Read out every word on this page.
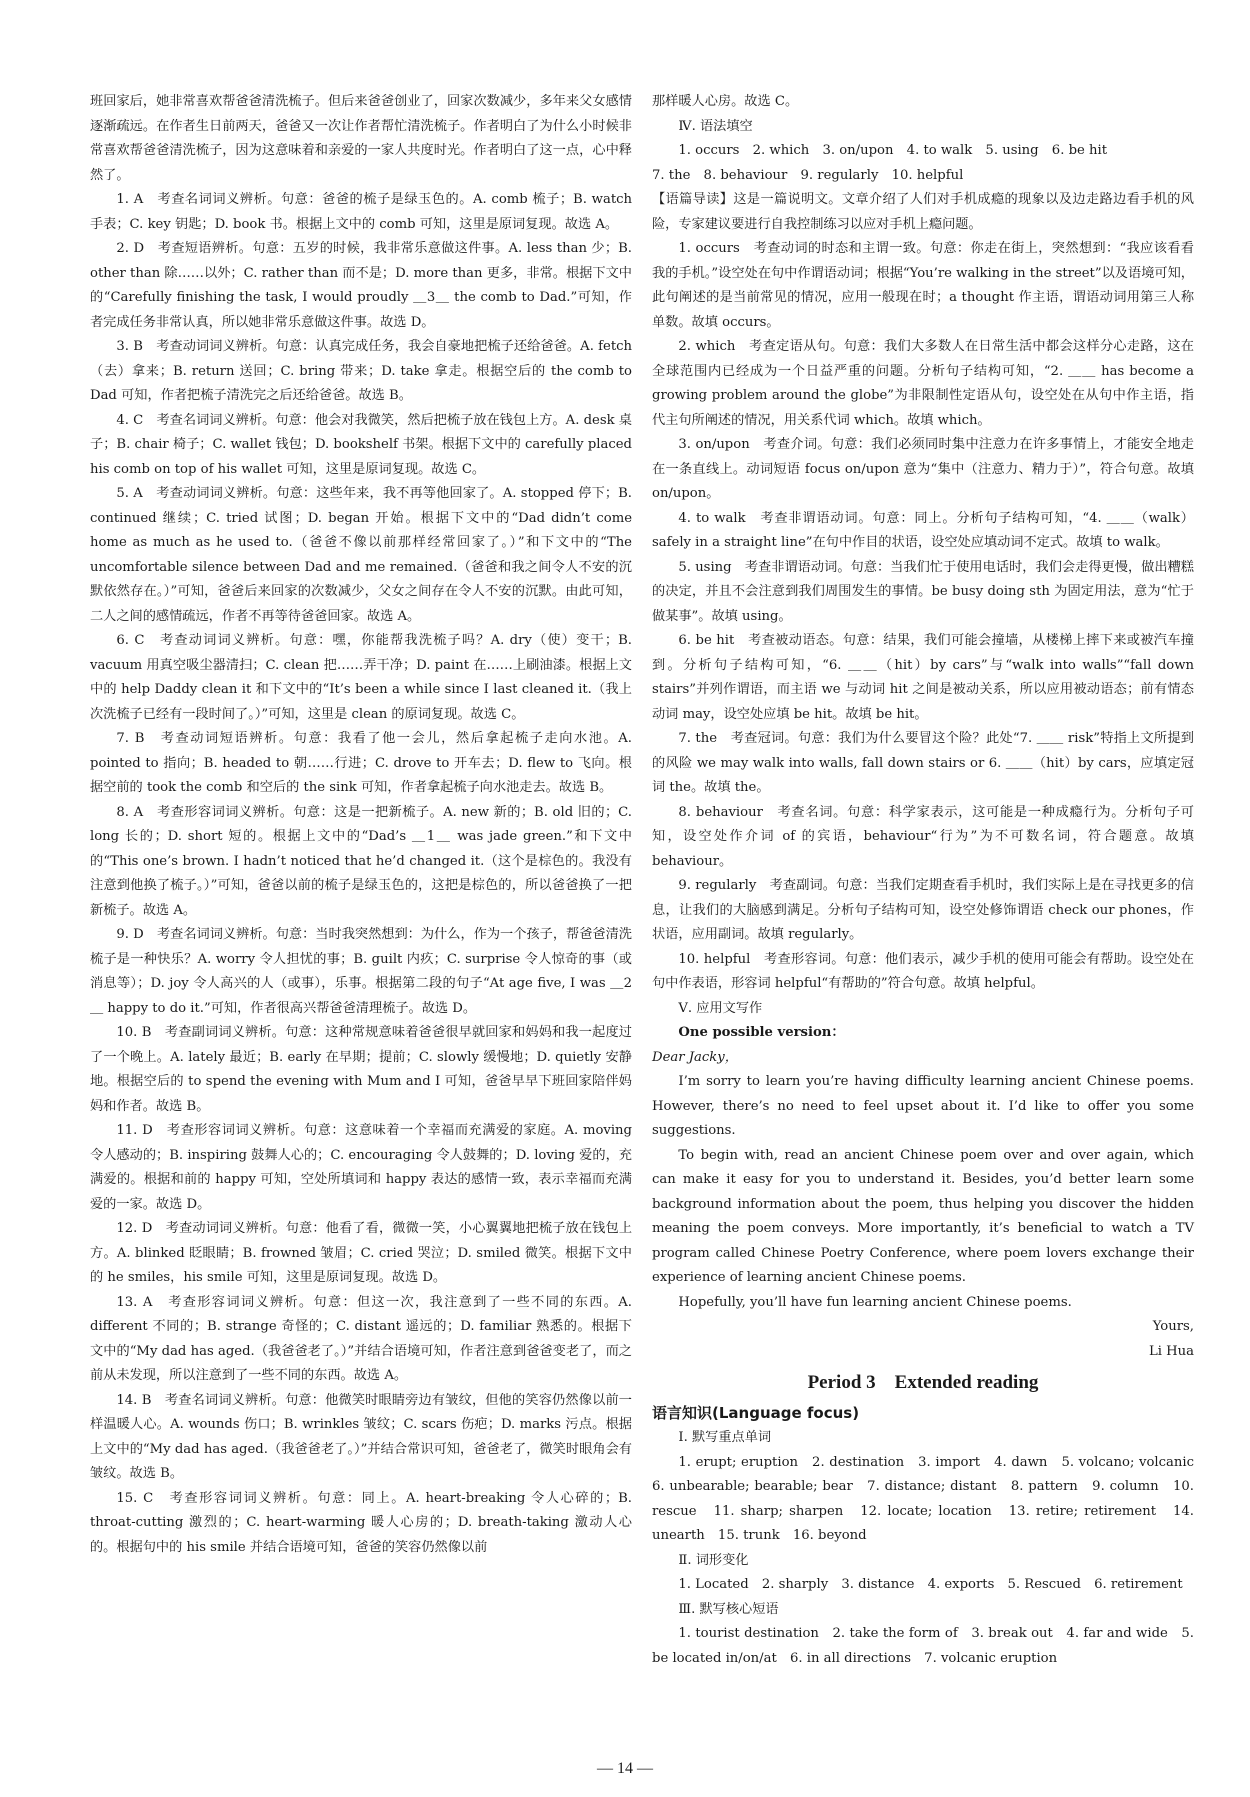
班回家后，她非常喜欢帮爸爸清洗梳子。但后来爸爸创业了，回家次数减少，多年来父女感情逐渐疏远。在作者生日前两天，爸爸又一次让作者帮忙清洗梳子。作者明白了为什么小时候非常喜欢帮爸爸清洗梳子，因为这意味着和亲爱的一家人共度时光。作者明白了这一点，心中释然了。

1. A　考查名词词义辨析。句意：爸爸的梳子是绿玉色的。A. comb 梳子；B. watch 手表；C. key 钥匙；D. book 书。根据上文中的 comb 可知，这里是原词复现。故选 A。

2. D　考查短语辨析。句意：五岁的时候，我非常乐意做这件事。A. less than 少；B. other than 除……以外；C. rather than 而不是；D. more than 更多，非常。根据下文中的“Carefully finishing the task, I would proudly ＿3＿ the comb to Dad.”可知，作者完成任务非常认真，所以她非常乐意做这件事。故选 D。

3. B　考查动词词义辨析。句意：认真完成任务，我会自豪地把梳子还给爸爸。A. fetch（去）拿来；B. return 送回；C. bring 带来；D. take 拿走。根据空后的 the comb to Dad 可知，作者把梳子清洗完之后还给爸爸。故选 B。

4. C　考查名词词义辨析。句意：他会对我微笑，然后把梳子放在钱包上方。A. desk 桌子；B. chair 椅子；C. wallet 钱包；D. bookshelf 书架。根据下文中的 carefully placed his comb on top of his wallet 可知，这里是原词复现。故选 C。

5. A　考查动词词义辨析。句意：这些年来，我不再等他回家了。A. stopped 停下；B. continued 继续；C. tried 试图；D. began 开始。根据下文中的“Dad didn’t come home as much as he used to.（爸爸不像以前那样经常回家了。）”和下文中的“The uncomfortable silence between Dad and me remained.（爸爸和我之间令人不安的沉默依然存在。）”可知，爸爸后来回家的次数减少，父女之间存在令人不安的沉默。由此可知，二人之间的感情疏远，作者不再等待爸爸回家。故选 A。

6. C　考查动词词义辨析。句意：嘿，你能帮我洗梳子吗？A. dry（使）变干；B. vacuum 用真空吸尘器清扫；C. clean 把……弄干净；D. paint 在……上刷油漆。根据上文中的 help Daddy clean it 和下文中的“It’s been a while since I last cleaned it.（我上次洗梳子已经有一段时间了。）”可知，这里是 clean 的原词复现。故选 C。

7. B　考查动词短语辨析。句意：我看了他一会儿，然后拿起梳子走向水池。A. pointed to 指向；B. headed to 朝……行进；C. drove to 开车去；D. flew to 飞向。根据空前的 took the comb 和空后的 the sink 可知，作者拿起梳子向水池走去。故选 B。

8. A　考查形容词词义辨析。句意：这是一把新梳子。A. new 新的；B. old 旧的；C. long 长的；D. short 短的。根据上文中的“Dad’s ＿1＿ was jade green.”和下文中的“This one’s brown. I hadn’t noticed that he’d changed it.（这个是棕色的。我没有注意到他换了梳子。）”可知，爸爸以前的梳子是绿玉色的，这把是棕色的，所以爸爸换了一把新梳子。故选 A。

9. D　考查名词词义辨析。句意：当时我突然想到：为什么，作为一个孩子，帮爸爸清洗梳子是一种快乐？A. worry 令人担忧的事；B. guilt 内疚；C. surprise 令人惊奇的事（或消息等）；D. joy 令人高兴的人（或事），乐事。根据第二段的句子“At age five, I was ＿2＿ happy to do it.”可知，作者很高兴帮爸爸清理梳子。故选 D。

10. B　考查副词词义辨析。句意：这种常规意味着爸爸很早就回家和妈妈和我一起度过了一个晚上。A. lately 最近；B. early 在早期；提前；C. slowly 缓慢地；D. quietly 安静地。根据空后的 to spend the evening with Mum and I 可知，爸爸早早下班回家陪伴妈妈和作者。故选 B。

11. D　考查形容词词义辨析。句意：这意味着一个幸福而充满爱的家庭。A. moving 令人感动的；B. inspiring 鼓舞人心的；C. encouraging 令人鼓舞的；D. loving 爱的，充满爱的。根据和前的 happy 可知，空处所填词和 happy 表达的感情一致，表示幸福而充满爱的一家。故选 D。

12. D　考查动词词义辨析。句意：他看了看，微微一笑，小心翼翼地把梳子放在钱包上方。A. blinked 眨眼睛；B. frowned 皱眉；C. cried 哭泣；D. smiled 微笑。根据下文中的 he smiles，his smile 可知，这里是原词复现。故选 D。

13. A　考查形容词词义辨析。句意：但这一次，我注意到了一些不同的东西。A. different 不同的；B. strange 奇怪的；C. distant 遥远的；D. familiar 熟悉的。根据下文中的“My dad has aged.（我爸爸老了。）”并结合语境可知，作者注意到爸爸变老了，而之前从未发现，所以注意到了一些不同的东西。故选 A。

14. B　考查名词词义辨析。句意：他微笑时眼睛旁边有皱纹，但他的笑容仍然像以前一样温暖人心。A. wounds 伤口；B. wrinkles 皱纹；C. scars 伤疤；D. marks 污点。根据上文中的“My dad has aged.（我爸爸老了。）”并结合常识可知，爸爸老了，微笑时眼角会有皱纹。故选 B。

15. C　考查形容词词义辨析。句意：同上。A. heart-breaking 令人心碎的；B. throat-cutting 激烈的；C. heart-warming 暖人心房的；D. breath-taking 激动人心的。根据句中的 his smile 并结合语境可知，爸爸的笑容仍然像以前

那样暖人心房。故选 C。

Ⅳ. 语法填空

1. occurs　2. which　3. on/upon　4. to walk　5. using　6. be hit

7. the　8. behaviour　9. regularly　10. helpful

【语篇导读】这是一篇说明文。文章介绍了人们对手机成瘾的现象以及边走路边看手机的风险，专家建议要进行自我控制练习以应对手机上瘾问题。

1. occurs　考查动词的时态和主谓一致。句意：你走在街上，突然想到：“我应该看看我的手机。”设空处在句中作谓语动词；根据“You’re walking in the street”以及语境可知，此句阐述的是当前常见的情况，应用一般现在时；a thought 作主语，谓语动词用第三人称单数。故填 occurs。

2. which　考查定语从句。句意：我们大多数人在日常生活中都会这样分心走路，这在全球范围内已经成为一个日益严重的问题。分析句子结构可知，“2. ＿＿ has become a growing problem around the globe”为非限制性定语从句，设空处在从句中作主语，指代主句所阐述的情况，用关系代词 which。故填 which。

3. on/upon　考查介词。句意：我们必须同时集中注意力在许多事情上，才能安全地走在一条直线上。动词短语 focus on/upon 意为“集中（注意力、精力于）”，符合句意。故填 on/upon。

4. to walk　考查非谓语动词。句意：同上。分析句子结构可知，“4. ＿＿（walk）safely in a straight line”在句中作目的状语，设空处应填动词不定式。故填 to walk。

5. using　考查非谓语动词。句意：当我们忙于使用电话时，我们会走得更慢，做出糟糕的决定，并且不会注意到我们周围发生的事情。be busy doing sth 为固定用法，意为“忙于做某事”。故填 using。

6. be hit　考查被动语态。句意：结果，我们可能会撞墙，从楼梯上摔下来或被汽车撞到。分析句子结构可知，“6. ＿＿（hit）by cars”与“walk into walls”“fall down stairs”并列作谓语，而主语 we 与动词 hit 之间是被动关系，所以应用被动语态；前有情态动词 may，设空处应填 be hit。故填 be hit。

7. the　考查冠词。句意：我们为什么要冒这个险？此处“7. ＿＿ risk”特指上文所提到的风险 we may walk into walls, fall down stairs or 6. ＿＿（hit）by cars，应填定冠词 the。故填 the。

8. behaviour　考查名词。句意：科学家表示，这可能是一种成瘾行为。分析句子可知，设空处作介词 of 的宾语，behaviour“行为”为不可数名词，符合题意。故填 behaviour。

9. regularly　考查副词。句意：当我们定期查看手机时，我们实际上是在寻找更多的信息，让我们的大脑感到满足。分析句子结构可知，设空处修饰谓语 check our phones，作状语，应用副词。故填 regularly。

10. helpful　考查形容词。句意：他们表示，减少手机的使用可能会有帮助。设空处在句中作表语，形容词 helpful“有帮助的”符合句意。故填 helpful。

Ⅴ. 应用文写作

One possible version：

Dear Jacky，

I’m sorry to learn you’re having difficulty learning ancient Chinese poems. However, there’s no need to feel upset about it. I’d like to offer you some suggestions.

To begin with, read an ancient Chinese poem over and over again, which can make it easy for you to understand it. Besides, you’d better learn some background information about the poem, thus helping you discover the hidden meaning the poem conveys. More importantly, it’s beneficial to watch a TV program called Chinese Poetry Conference, where poem lovers exchange their experience of learning ancient Chinese poems.

Hopefully, you’ll have fun learning ancient Chinese poems.

Yours,

Li Hua

Period 3　Extended reading

语言知识(Language focus)

Ⅰ. 默写重点单词

1. erupt; eruption　2. destination　3. import　4. dawn　5. volcano; volcanic　6. unbearable; bearable; bear　7. distance; distant　8. pattern　9. column　10. rescue　11. sharp; sharpen　12. locate; location　13. retire; retirement　14. unearth　15. trunk　16. beyond

Ⅱ. 词形变化

1. Located　2. sharply　3. distance　4. exports　5. Rescued　6. retirement

Ⅲ. 默写核心短语

1. tourist destination　2. take the form of　3. break out　4. far and wide　5. be located in/on/at　6. in all directions　7. volcanic eruption

— 14 —
